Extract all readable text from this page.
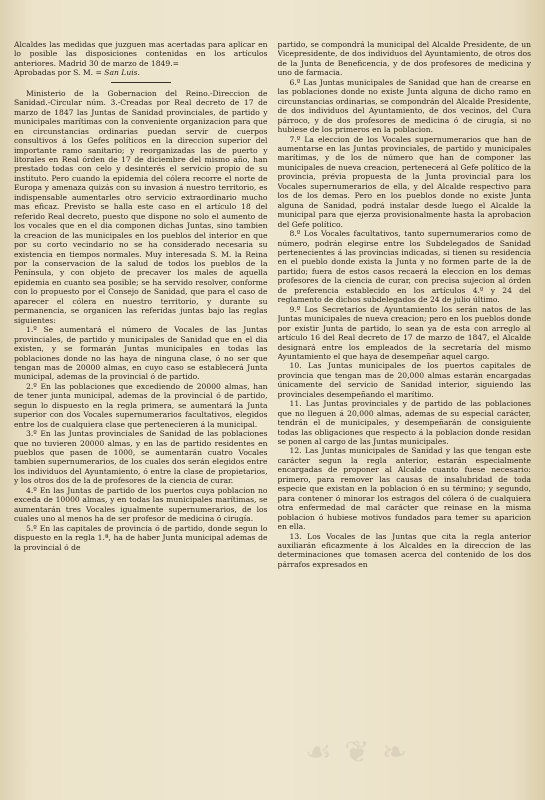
Alcaldes las medidas que juzguen mas acertadas para aplicar en lo posible las disposiciones contenidas en los artículos anteriores. Madrid 30 de marzo de 1849.=

Aprobadas por S. M. = San Luis.

Ministerio de la Gobernacion del Reino.-Direccion de Sanidad.-Circular núm. 3.-Creadas por Real decreto de 17 de marzo de 1847 las Juntas de Sanidad provinciales, de partido y municipales marítimas con la conveniente organizacion para que en circunstancias ordinarias puedan servir de cuerpos consultivos á los Gefes políticos en la direccion superior del importante ramo sanitario; y reorganizadas las de puerto y litorales en Real órden de 17 de diciembre del mismo año, han prestado todas con celo y desinterés el servicio propio de su instituto. Pero cuando la epidemia del cólera recorre el norte de Europa y amenaza quizás con su invasion á nuestro territorio, es indispensable aumentarles otro servicio extraordinario mucho mas eficaz. Previsto se halla este caso en el artículo 18 del referido Real decreto, puesto que dispone no solo el aumento de los vocales que en el dia componen dichas Juntas, sino tambien la creacion de las municipales en los pueblos del interior en que por su corto vecindario no se ha considerado necesaria su existencia en tiempos normales. Muy interesada S. M. la Reina por la conservacion de la salud de todos los pueblos de la Península, y con objeto de precaver los males de aquella epidemia en cuanto sea posible; se ha servido resolver, conforme con lo propuesto por el Consejo de Sanidad, que para el caso de aparecer el cólera en nuestro territorio, y durante su permanencia, se organicen las referidas juntas bajo las reglas siguientes:

1.º Se aumentará el número de Vocales de las Juntas provinciales, de partido y municipales de Sanidad que en el dia existen, y se formarán Juntas municipales en todas las poblaciones donde no las haya de ninguna clase, ó no ser que tengan mas de 20000 almas, en cuyo caso se establecerá Junta municipal, ademas de la provincial ó de partido.

2.º En las poblaciones que excediendo de 20000 almas, han de tener junta municipal, ademas de la provincial ó de partido, segun lo dispuesto en la regla primera, se aumentará la Junta superior con dos Vocales supernumerarios facultativos, elegidos entre los de cualquiera clase que pertenecieren á la municipal.

3.º En las Juntas provinciales de Sanidad de las poblaciones que no tuvieren 20000 almas, y en las de partido residentes en pueblos que pasen de 1000, se aumentarán cuatro Vocales tambien supernumerarios, de los cuales dos serán elegidos entre los individuos del Ayuntamiento, ó entre la clase de propietarios, y los otros dos de la de profesores de la ciencia de curar.

4.º En las Juntas de partido de los puertos cuya poblacion no exceda de 10000 almas, y en todas las municipales marítimas, se aumentarán tres Vocales igualmente supernumerarios, de los cuales uno al menos ha de ser profesor de medicina ó cirugía.

5.º En las capitales de provincia ó de partido, donde segun lo dispuesto en la regla 1.ª, ha de haber Junta municipal ademas de la provincial ó de

partido, se compondrá la municipal del Alcalde Presidente, de un Vicepresidente, de dos individuos del Ayuntamiento, de otros dos de la Junta de Beneficencia, y de dos profesores de medicina y uno de farmacia.

6.º Las Juntas municipales de Sanidad que han de crearse en las poblaciones donde no existe Junta alguna de dicho ramo en circunstancias ordinarias, se compondrán del Alcalde Presidente, de dos individuos del Ayuntamiento, de dos vecinos, del Cura párroco, y de dos profesores de medicina ó de cirugía, si no hubiese de los primeros en la poblacion.

7.º La eleccion de los Vocales supernumerarios que han de aumentarse en las Juntas provinciales, de partido y municipales marítimas, y de los de número que han de componer las municipales de nueva creacion, pertenecerá al Gefe político de la provincia, prévia propuesta de la Junta provincial para los Vocales supernumerarios de ella, y del Alcalde respectivo para los de los demas. Pero en los pueblos donde no existe Junta alguna de Sanidad, podrá instalar desde luego el Alcalde la municipal para que ejerza provisionalmente hasta la aprobacion del Gefe político.

8.º Los Vocales facultativos, tanto supernumerarios como de número, podrán elegirse entre los Subdelegados de Sanidad pertenecientes á las provincias indicadas, si tienen su residencia en el pueblo donde exista la Junta y no formen parte de la de partido; fuera de estos casos recaerá la eleccion en los demas profesores de la ciencia de curar, con precisa sujecion al órden de preferencia establecido en los artículos 4.º y 24 del reglamento de dichos subdelegados de 24 de julio último.

9.º Los Secretarios de Ayuntamiento los serán natos de las Juntas municipales de nueva creacion; pero en los pueblos donde por existir Junta de partido, lo sean ya de esta con arreglo al artículo 16 del Real decreto de 17 de marzo de 1847, el Alcalde designará entre los empleados de la secretaría del mismo Ayuntamiento el que haya de desempeñar aquel cargo.

10. Las Juntas municipales de los puertos capitales de provincia que tengan mas de 20,000 almas estarán encargadas únicamente del servicio de Sanidad interior, siguiendo las provinciales desempeñando el marítimo.

11. Las Juntas provinciales y de partido de las poblaciones que no lleguen á 20,000 almas, ademas de su especial carácter, tendrán el de municipales, y desempeñarán de consiguiente todas las obligaciones que respecto á la poblacion donde residan se ponen al cargo de las Juntas municipales.

12. Las Juntas municipales de Sanidad y las que tengan este carácter segun la regla anterior, estarán especialmente encargadas de proponer al Alcalde cuanto fuese necesario: primero, para remover las causas de insalubridad de toda especie que existan en la poblacion ó en su término; y segundo, para contener ó minorar los estragos del cólera ó de cualquiera otra enfermedad de mal carácter que reinase en la misma poblacion ó hubiese motivos fundados para temer su aparicion en ella.

13. Los Vocales de las Juntas que cita la regla anterior auxiliarán eficazmente á los Alcaldes en la direccion de las determinaciones que tomasen acerca del contenido de los dos párrafos expresados en

☙ ❦ ❧
